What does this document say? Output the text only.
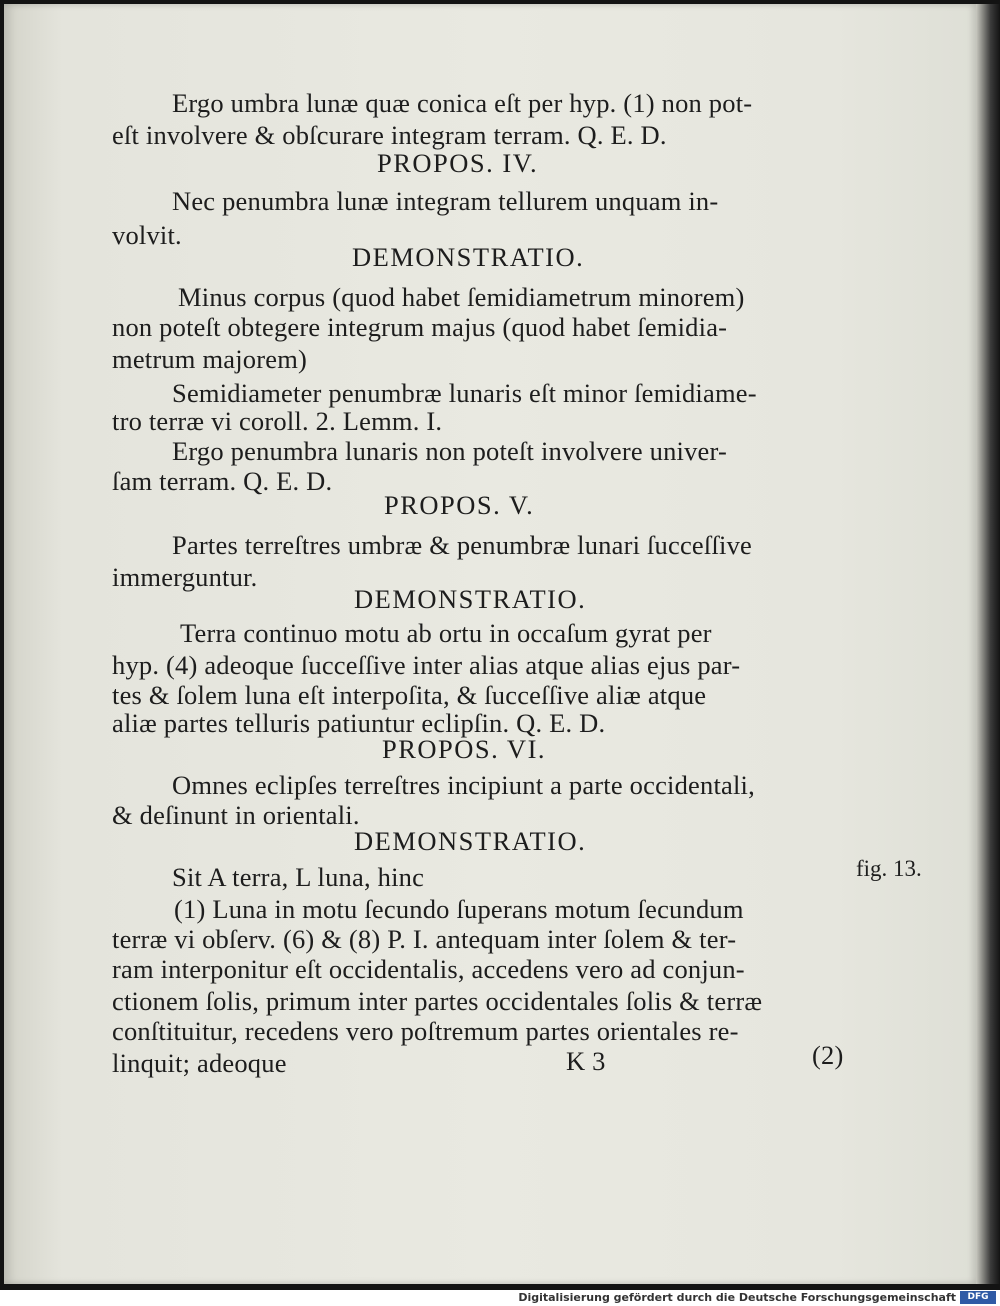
Ergo umbra lunæ quæ conica eſt per hyp. (1) non pot-
eſt involvere & obſcurare integram terram. Q. E. D.
PROPOS. IV.
Nec penumbra lunæ integram tellurem unquam in-
volvit.
DEMONSTRATIO.
Minus corpus (quod habet ſemidiametrum minorem)
non poteſt obtegere integrum majus (quod habet ſemidia-
metrum majorem)
Semidiameter penumbræ lunaris eſt minor ſemidiame-
tro terræ vi coroll. 2. Lemm. I.
Ergo penumbra lunaris non poteſt involvere univer-
ſam terram. Q. E. D.
PROPOS. V.
Partes terreſtres umbræ & penumbræ lunari ſucceſſive
immerguntur.
DEMONSTRATIO.
Terra continuo motu ab ortu in occaſum gyrat per
hyp. (4) adeoque ſucceſſive inter alias atque alias ejus par-
tes & ſolem luna eſt interpoſita, & ſucceſſive aliæ atque
aliæ partes telluris patiuntur eclipſin. Q. E. D.
PROPOS. VI.
Omnes eclipſes terreſtres incipiunt a parte occidentali,
& deſinunt in orientali.
DEMONSTRATIO.
Sit A terra, L luna, hinc
(1) Luna in motu ſecundo ſuperans motum ſecundum
terræ vi obſerv. (6) & (8) P. I. antequam inter ſolem & ter-
ram interponitur eſt occidentalis, accedens vero ad conjun-
ctionem ſolis, primum inter partes occidentales ſolis & terræ
conſtituitur, recedens vero poſtremum partes orientales re-
linquit; adeoque	K 3	(2)
fig. 13.
Digitalisierung gefördert durch die Deutsche Forschungsgemeinschaft	DFG
